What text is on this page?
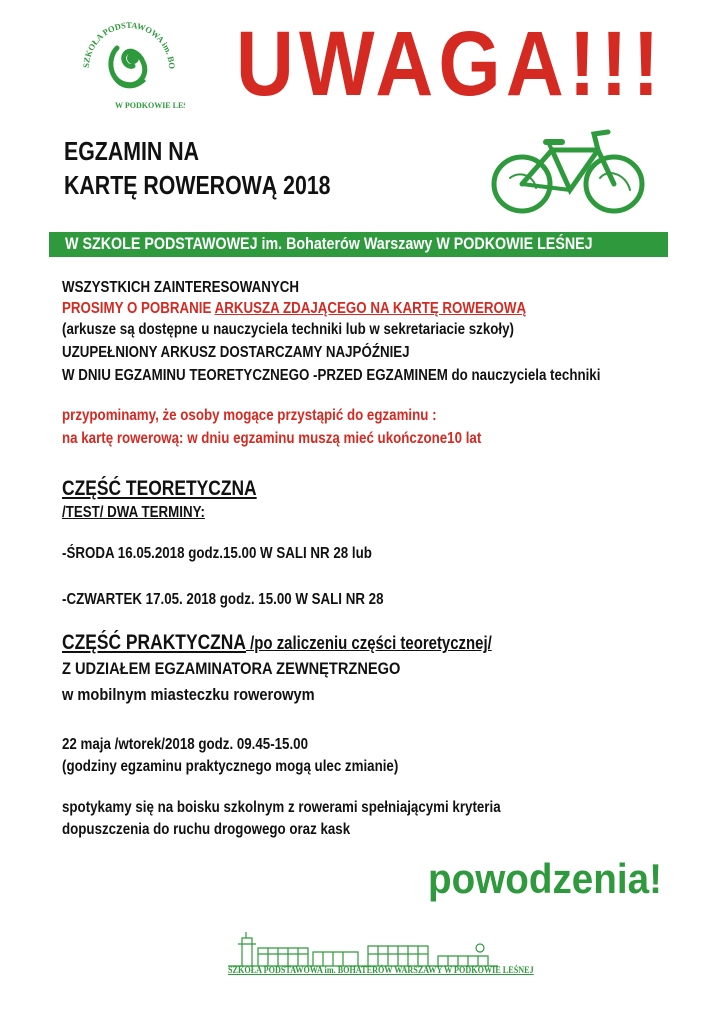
SZKOŁA PODSTAWOWA im. BO
W PODKOWIE LE UWAGA!!!
EGZAMIN NA
KARTĘ ROWEROWĄ 2018
W SZKOLE PODSTAWOWEJ im. Bohaterów Warszawy W PODKOWIE LEŚNEJ
WSZYSTKICH ZAINTERESOWANYCH
PROSIMY O POBRANIE ARKUSZA ZDAJĄCEGO NA KARTĘ ROWEROWĄ
(arkusze są dostępne u nauczyciela techniki lub w sekretariacie szkoły)
UZUPEŁNIONY ARKUSZ DOSTARCZAMY NAJPÓŹNIEJ
W DNIU EGZAMINU TEORETYCZNEGO -PRZED EGZAMINEM do nauczyciela techniki
przypominamy, że osoby mogące przystąpić do egzaminu :
na kartę rowerową: w dniu egzaminu muszą mieć ukończone10 lat
CZĘŚĆ TEORETYCZNA
/TEST/ DWA TERMINY:
-ŚRODA 16.05.2018 godz.15.00 W SALI NR 28 lub
-CZWARTEK 17.05. 2018 godz. 15.00 W SALI NR 28
CZĘŚĆ PRAKTYCZNA /po zaliczeniu części teoretycznej/
Z UDZIAŁEM EGZAMINATORA ZEWNĘTRZNEGO
w mobilnym miasteczku rowerowym
22 maja /wtorek/2018 godz. 09.45-15.00
(godziny egzaminu praktycznego mogą ulec zmianie)
spotykamy się na boisku szkolnym z rowerami spełniającymi kryteria
dopuszczenia do ruchu drogowego oraz kask
powodzenia!
SZKOŁA PODSTAWOWA im. BOHATERÓW WARSZAWY W PODKOWIE LEŚNEJ
